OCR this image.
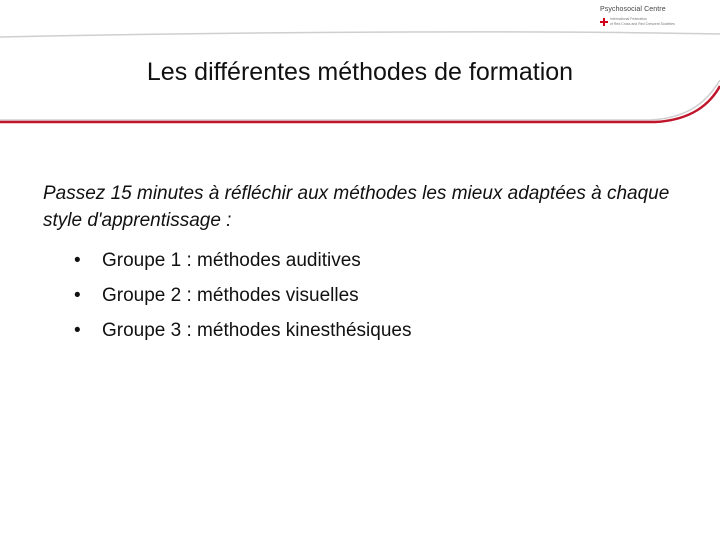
Psychosocial Centre
International Federation
of Red Cross and Red Crescent Societies
Les différentes méthodes de formation
Passez 15 minutes à réfléchir aux méthodes les mieux adaptées à chaque style d'apprentissage :
• Groupe 1 : méthodes auditives
• Groupe 2 : méthodes visuelles
• Groupe 3 : méthodes kinesthésiques
